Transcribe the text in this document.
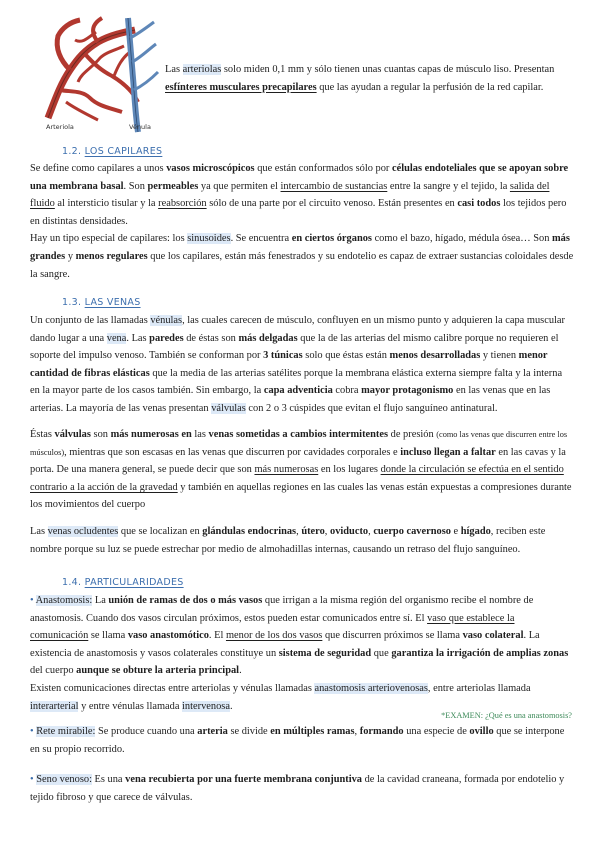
Arteriola	Vénula

Las arteriolas solo miden 0,1 mm y sólo tienen unas cuantas capas de músculo liso. Presentan esfínteres musculares precapilares que las ayudan a regular la perfusión de la red capilar.

1.2. LOS CAPILARES

Se define como capilares a unos vasos microscópicos que están conformados sólo por células endoteliales que se apoyan sobre una membrana basal. Son permeables ya que permiten el intercambio de sustancias entre la sangre y el tejido, la salida del fluido al intersticio tisular y la reabsorción sólo de una parte por el circuito venoso. Están presentes en casi todos los tejidos pero en distintas densidades.
Hay un tipo especial de capilares: los sinusoides. Se encuentra en ciertos órganos como el bazo, hígado, médula ósea… Son más grandes y menos regulares que los capilares, están más fenestrados y su endotelio es capaz de extraer sustancias coloidales desde la sangre.

1.3. LAS VENAS

Un conjunto de las llamadas vénulas, las cuales carecen de músculo, confluyen en un mismo punto y adquieren la capa muscular dando lugar a una vena. Las paredes de éstas son más delgadas que la de las arterias del mismo calibre porque no requieren el soporte del impulso venoso. También se conforman por 3 túnicas solo que éstas están menos desarrolladas y tienen menor cantidad de fibras elásticas que la media de las arterias satélites porque la membrana elástica externa siempre falta y la interna en la mayor parte de los casos también. Sin embargo, la capa adventicia cobra mayor protagonismo en las venas que en las arterias. La mayoría de las venas presentan válvulas con 2 o 3 cúspides que evitan el flujo sanguíneo antinatural.

Éstas válvulas son más numerosas en las venas sometidas a cambios intermitentes de presión (como las venas que discurren entre los músculos), mientras que son escasas en las venas que discurren por cavidades corporales e incluso llegan a faltar en las cavas y la porta. De una manera general, se puede decir que son más numerosas en los lugares donde la circulación se efectúa en el sentido contrario a la acción de la gravedad y también en aquellas regiones en las cuales las venas están expuestas a compresiones durante los movimientos del cuerpo

Las venas ocludentes que se localizan en glándulas endocrinas, útero, oviducto, cuerpo cavernoso e hígado, reciben este nombre porque su luz se puede estrechar por medio de almohadillas internas, causando un retraso del flujo sanguíneo.

1.4. PARTICULARIDADES

• Anastomosis: La unión de ramas de dos o más vasos que irrigan a la misma región del organismo recibe el nombre de anastomosis. Cuando dos vasos circulan próximos, estos pueden estar comunicados entre sí. El vaso que establece la comunicación se llama vaso anastomótico. El menor de los dos vasos que discurren próximos se llama vaso colateral. La existencia de anastomosis y vasos colaterales constituye un sistema de seguridad que garantiza la irrigación de amplias zonas del cuerpo aunque se obture la arteria principal.
Existen comunicaciones directas entre arteriolas y vénulas llamadas anastomosis arteriovenosas, entre arteriolas llamada interarterial y entre vénulas llamada intervenosa.

*EXAMEN: ¿Qué es una anastomosis?

• Rete mirabile: Se produce cuando una arteria se divide en múltiples ramas, formando una especie de ovillo que se interpone en su propio recorrido.

• Seno venoso: Es una vena recubierta por una fuerte membrana conjuntiva de la cavidad craneana, formada por endotelio y tejido fibroso y que carece de válvulas.
